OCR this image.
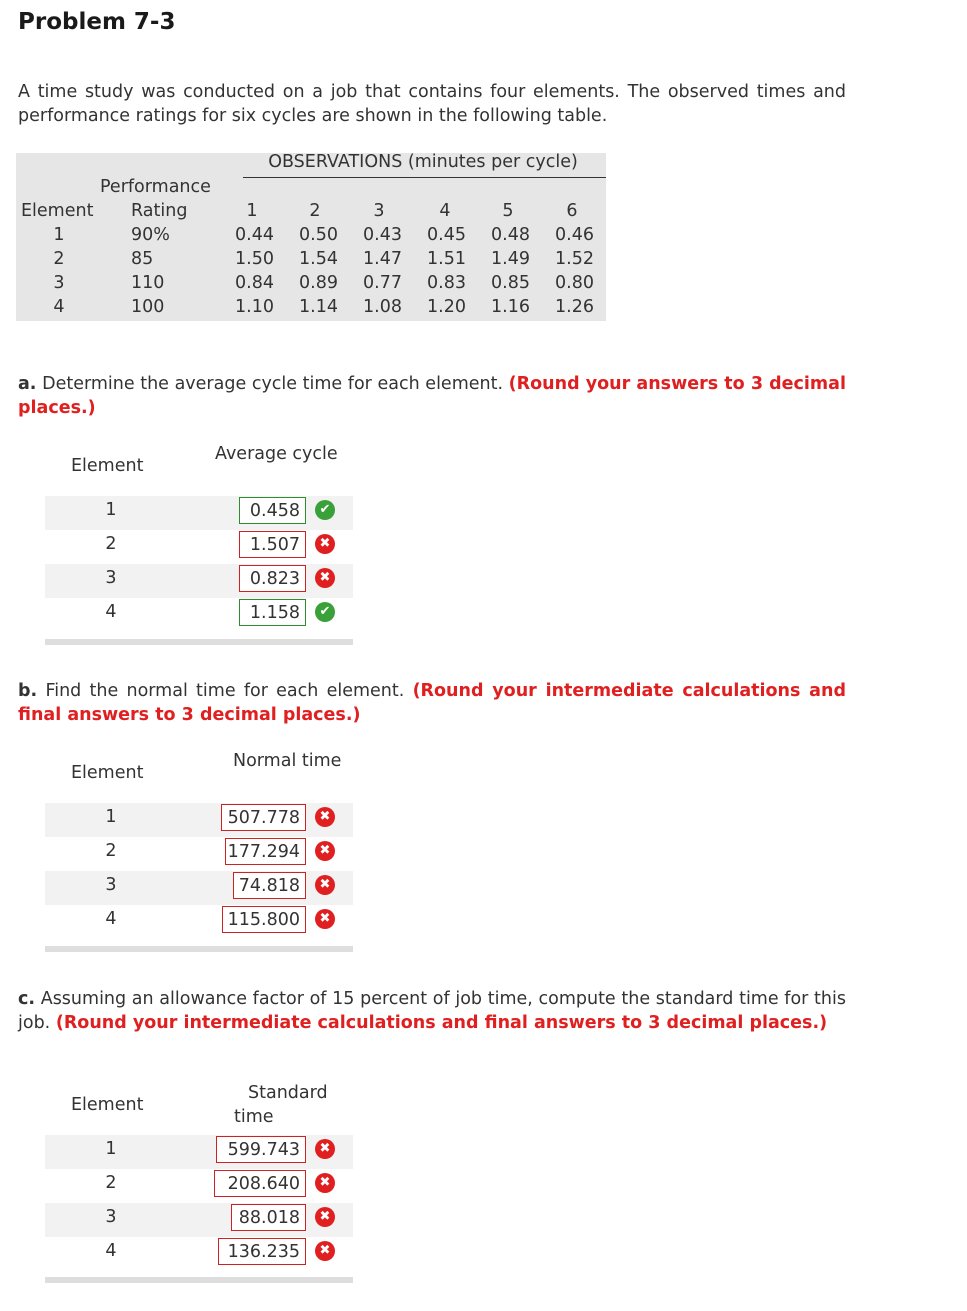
Problem 7-3
A time study was conducted on a job that contains four elements. The observed times and performance ratings for six cycles are shown in the following table.
OBSERVATIONS (minutes per cycle)
Performance
Rating
Element	1	2	3	4	5	6
1	90%	0.44 0.50 0.43 0.45 0.48 0.46
2	85	1.50 1.54 1.47 1.51 1.49 1.52
3	110	0.84 0.89 0.77 0.83 0.85 0.80
4	100	1.10 1.14 1.08 1.20 1.16 1.26
a. Determine the average cycle time for each element. (Round your answers to 3 decimal places.)
Element
Average cycle
1	0.458	✔
2	1.507	✖
3	0.823	✖
4	1.158	✔
b. Find the normal time for each element. (Round your intermediate calculations and final answers to 3 decimal places.)
Element
Normal time
1	507.778	✖
2	177.294	✖
3	74.818	✖
4	115.800	✖
c. Assuming an allowance factor of 15 percent of job time, compute the standard time for this job. (Round your intermediate calculations and final answers to 3 decimal places.)
Element
Standard
time
1	599.743	✖
2	208.640	✖
3	88.018	✖
4	136.235	✖
